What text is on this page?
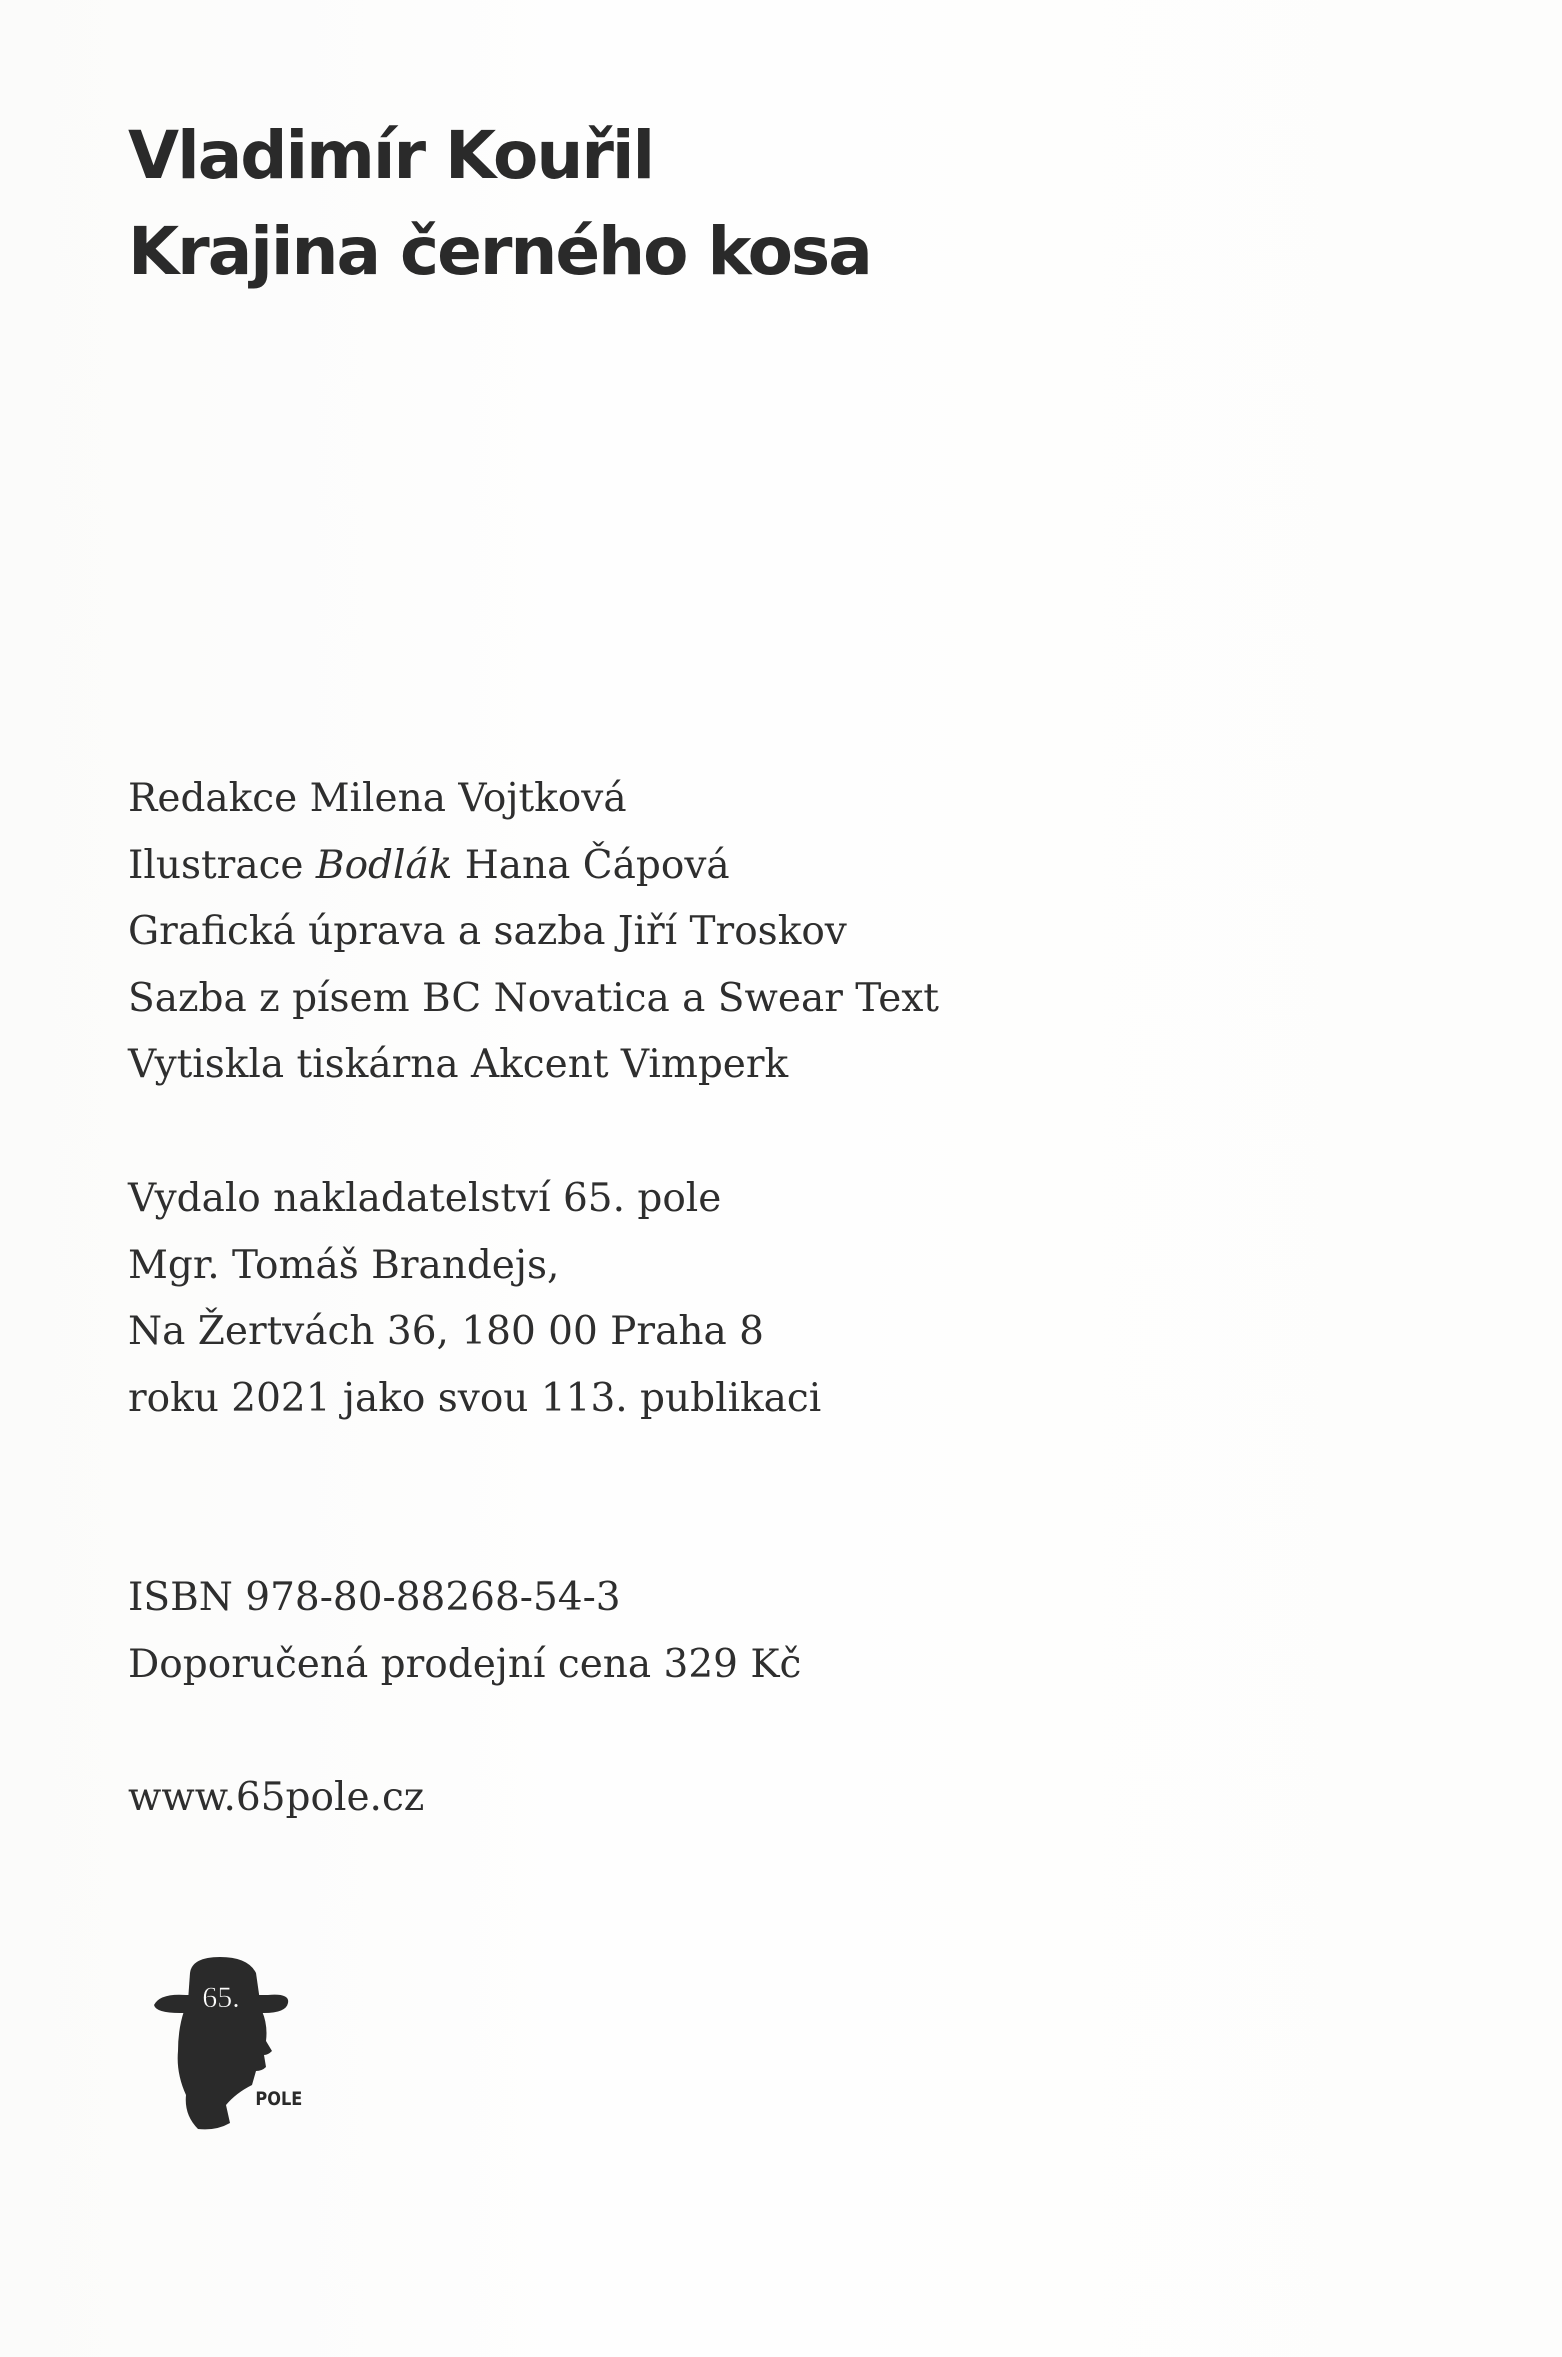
Vladimír Kouřil
Krajina černého kosa
Redakce Milena Vojtková
Ilustrace Bodlák Hana Čápová
Grafická úprava a sazba Jiří Troskov
Sazba z písem BC Novatica a Swear Text
Vytiskla tiskárna Akcent Vimperk
Vydalo nakladatelství 65. pole
Mgr. Tomáš Brandejs,
Na Žertvách 36, 180 00 Praha 8
roku 2021 jako svou 113. publikaci
ISBN 978-80-88268-54-3
Doporučená prodejní cena 329 Kč
www.65pole.cz
65.
POLE
